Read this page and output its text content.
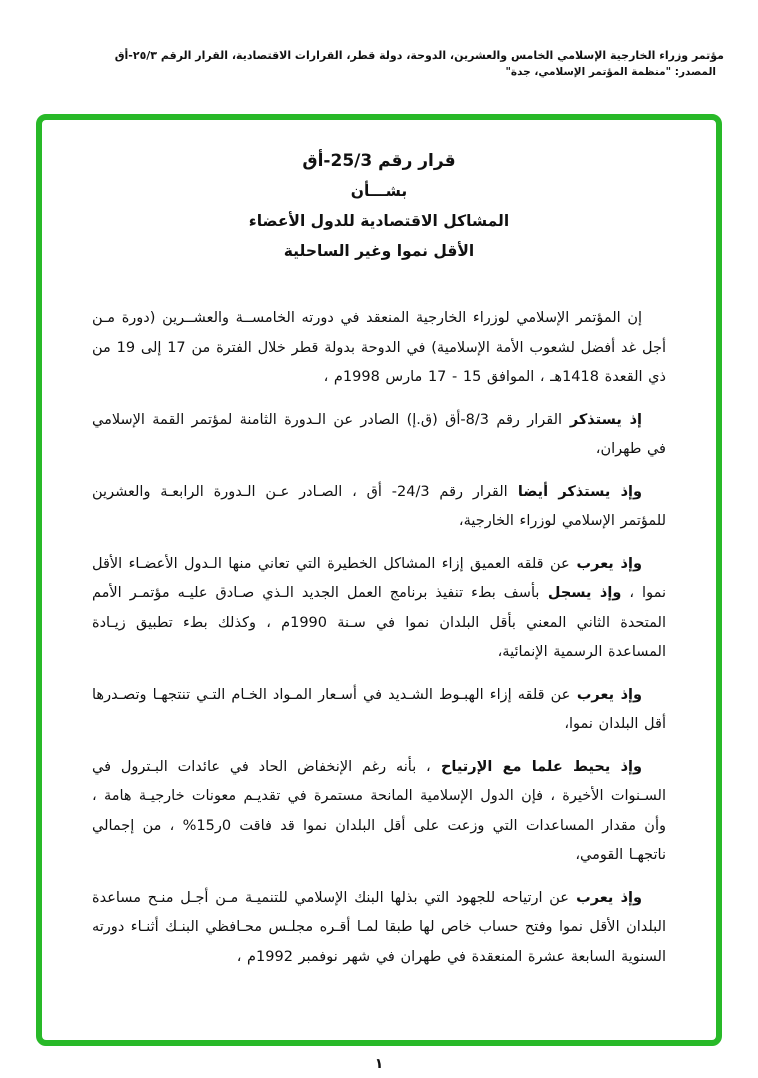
مؤتمر وزراء الخارجية الإسلامي الخامس والعشرين، الدوحة، دولة قطر، القرارات الاقتصادية، القرار الرقم ٢٥/٣-أق
المصدر: "منظمة المؤتمر الإسلامي، جدة"
قرار رقم 25/3-أق
بشـــأن
المشاكل الاقتصادية للدول الأعضاء
الأقل نموا وغير الساحلية

إن المؤتمر الإسلامي لوزراء الخارجية المنعقد في دورته الخامســة والعشــرين (دورة مـن أجل غد أفضل لشعوب الأمة الإسلامية) في الدوحة بدولة قطر خلال الفترة من 17 إلى 19 من ذي القعدة 1418هـ ، الموافق 15 - 17 مارس 1998م ،

إذ يستذكر القرار رقم 8/3-أق (ق.إ) الصادر عن الـدورة الثامنة لمؤتمر القمة الإسلامي في طهران،

وإذ يستذكر أيضا القرار رقم 24/3- أق ، الصـادر عـن الـدورة الرابعـة والعشرين للمؤتمر الإسلامي لوزراء الخارجية،

وإذ يعرب عن قلقه العميق إزاء المشاكل الخطيرة التي تعاني منها الـدول الأعضـاء الأقل نموا ، وإذ يسجل بأسف بطء تنفيذ برنامج العمل الجديد الـذي صـادق عليـه مؤتمـر الأمم المتحدة الثاني المعني بأقل البلدان نموا في سـنة 1990م ، وكذلك بطء تطبيق زيـادة المساعدة الرسمية الإنمائية،

وإذ يعرب عن قلقه إزاء الهبـوط الشـديد في أسـعار المـواد الخـام التـي تنتجهـا وتصـدرها أقل البلدان نموا،

وإذ يحيط علما مع الإرتياح ، بأنه رغم الإنخفاض الحاد في عائدات البـترول في السـنوات الأخيرة ، فإن الدول الإسلامية المانحة مستمرة في تقديـم معونات خارجيـة هامة ، وأن مقدار المساعدات التي وزعت على أقل البلدان نموا قد فاقت 0ر15% ، من إجمالي ناتجهـا القومي،

وإذ يعرب عن ارتياحه للجهود التي بذلها البنك الإسلامي للتنميـة مـن أجـل منـح مساعدة البلدان الأقل نموا وفتح حساب خاص لها طبقا لمـا أقـره مجلـس محـافظي البنـك أثنـاء دورته السنوية السابعة عشرة المنعقدة في طهران في شهر نوفمبر 1992م ،

١
